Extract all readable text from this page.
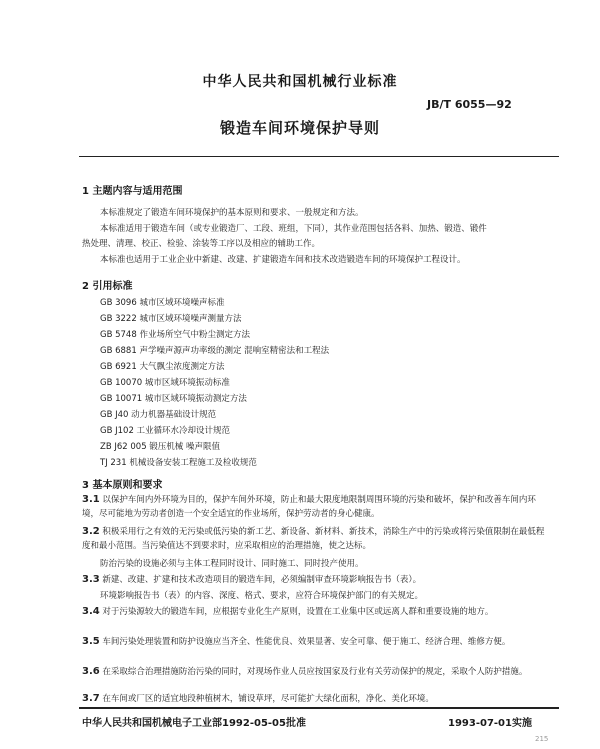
中华人民共和国机械行业标准
JB/T 6055—92
锻造车间环境保护导则
1 主题内容与适用范围
本标准规定了锻造车间环境保护的基本原则和要求、一般规定和方法。
本标准适用于锻造车间（或专业锻造厂、工段、班组，下同），其作业范围包括各料、加热、锻造、锻件
热处理、清理、校正、检验、涂装等工序以及相应的辅助工作。
本标准也适用于工业企业中新建、改建、扩建锻造车间和技术改造锻造车间的环境保护工程设计。
2 引用标准
GB 3096 城市区域环境噪声标准
GB 3222 城市区域环境噪声测量方法
GB 5748 作业场所空气中粉尘测定方法
GB 6881 声学噪声源声功率级的测定 混响室精密法和工程法
GB 6921 大气飘尘浓度测定方法
GB 10070 城市区域环境振动标准
GB 10071 城市区域环境振动测定方法
GB J40 动力机器基础设计规范
GB J102 工业循环水冷却设计规范
ZB J62 005 锻压机械 噪声限值
TJ 231 机械设备安装工程施工及检收规范
3 基本原则和要求
3.1 以保护车间内外环境为目的，保护车间外环境，防止和最大限度地限制周围环境的污染和破坏，保护和改善车间内环境，尽可能地为劳动者创造一个安全适宜的作业场所，保护劳动者的身心健康。
3.2 积极采用行之有效的无污染或低污染的新工艺、新设备、新材料、新技术，消除生产中的污染或将污染值限制在最低程度和最小范围。当污染值达不到要求时，应采取相应的治理措施，使之达标。
防治污染的设施必须与主体工程同时设计、同时施工、同时投产使用。
3.3 新建、改建、扩建和技术改造项目的锻造车间，必须编制审查环境影响报告书（表）。
环境影响报告书（表）的内容、深度、格式、要求，应符合环境保护部门的有关规定。
3.4 对于污染源较大的锻造车间，应根据专业化生产原则，设置在工业集中区或远离人群和重要设施的地方。
3.5 车间污染处理装置和防护设施应当齐全、性能优良、效果显著、安全可靠、便于施工、经济合理、维修方便。
3.6 在采取综合治理措施防治污染的同时，对现场作业人员应按国家及行业有关劳动保护的规定，采取个人防护措施。
3.7 在车间或厂区的适宜地段种植树木，铺设草坪，尽可能扩大绿化面积，净化、美化环境。
中华人民共和国机械电子工业部1992-05-05批准	1993-07-01实施
215
